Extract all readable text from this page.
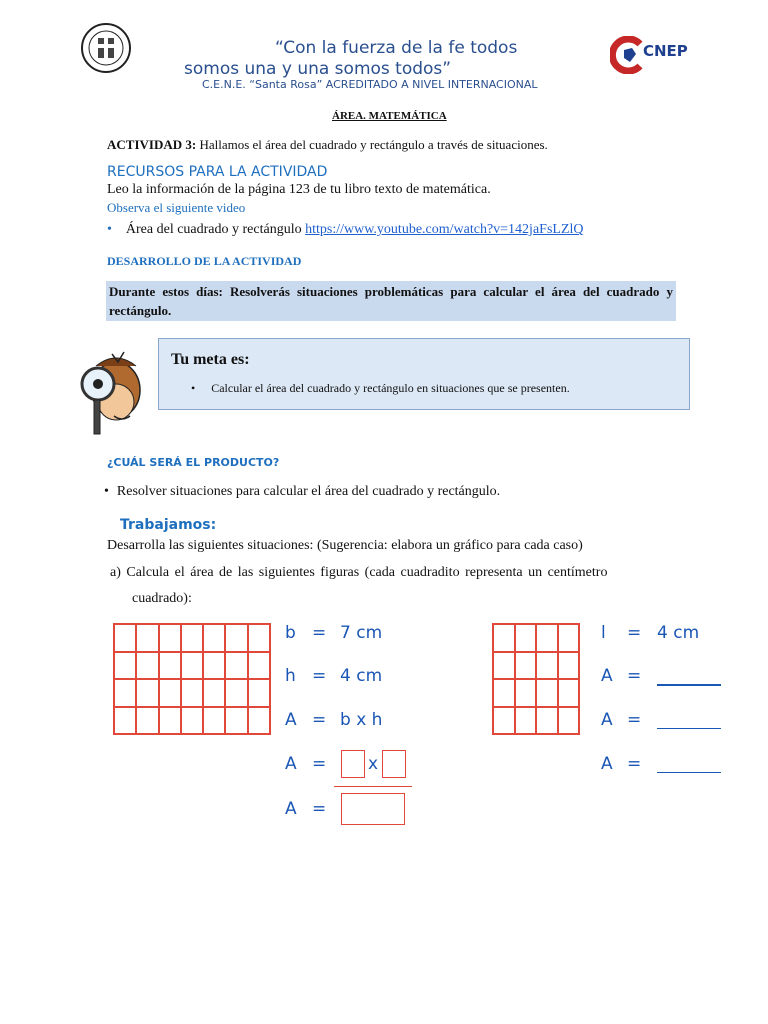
“Con la fuerza de la fe todos
somos una y una somos todos”
C.E.N.E. “Santa Rosa” ACREDITADO A NIVEL INTERNACIONAL
CNEP
ÁREA. MATEMÁTICA
ACTIVIDAD 3: Hallamos el área del cuadrado y rectángulo a través de situaciones.
RECURSOS PARA LA ACTIVIDAD
Leo la información de la página 123 de tu libro texto de matemática.
Observa el siguiente video
• Área del cuadrado y rectángulo https://www.youtube.com/watch?v=142jaFsLZlQ
DESARROLLO DE LA ACTIVIDAD
Durante estos días: Resolverás situaciones problemáticas para calcular el área del cuadrado y rectángulo.
Tu meta es:
• Calcular el área del cuadrado y rectángulo en situaciones que se presenten.
¿CUÁL SERÁ EL PRODUCTO?
• Resolver situaciones para calcular el área del cuadrado y rectángulo.
Trabajamos:
Desarrolla las siguientes situaciones: (Sugerencia: elabora un gráfico para cada caso)
a) Calcula el área de las siguientes figuras (cada cuadradito representa un centímetro
cuadrado):
b = 7 cm
h = 4 cm
A = b x h
A = x
A =
l = 4 cm
A =
A =
A =
